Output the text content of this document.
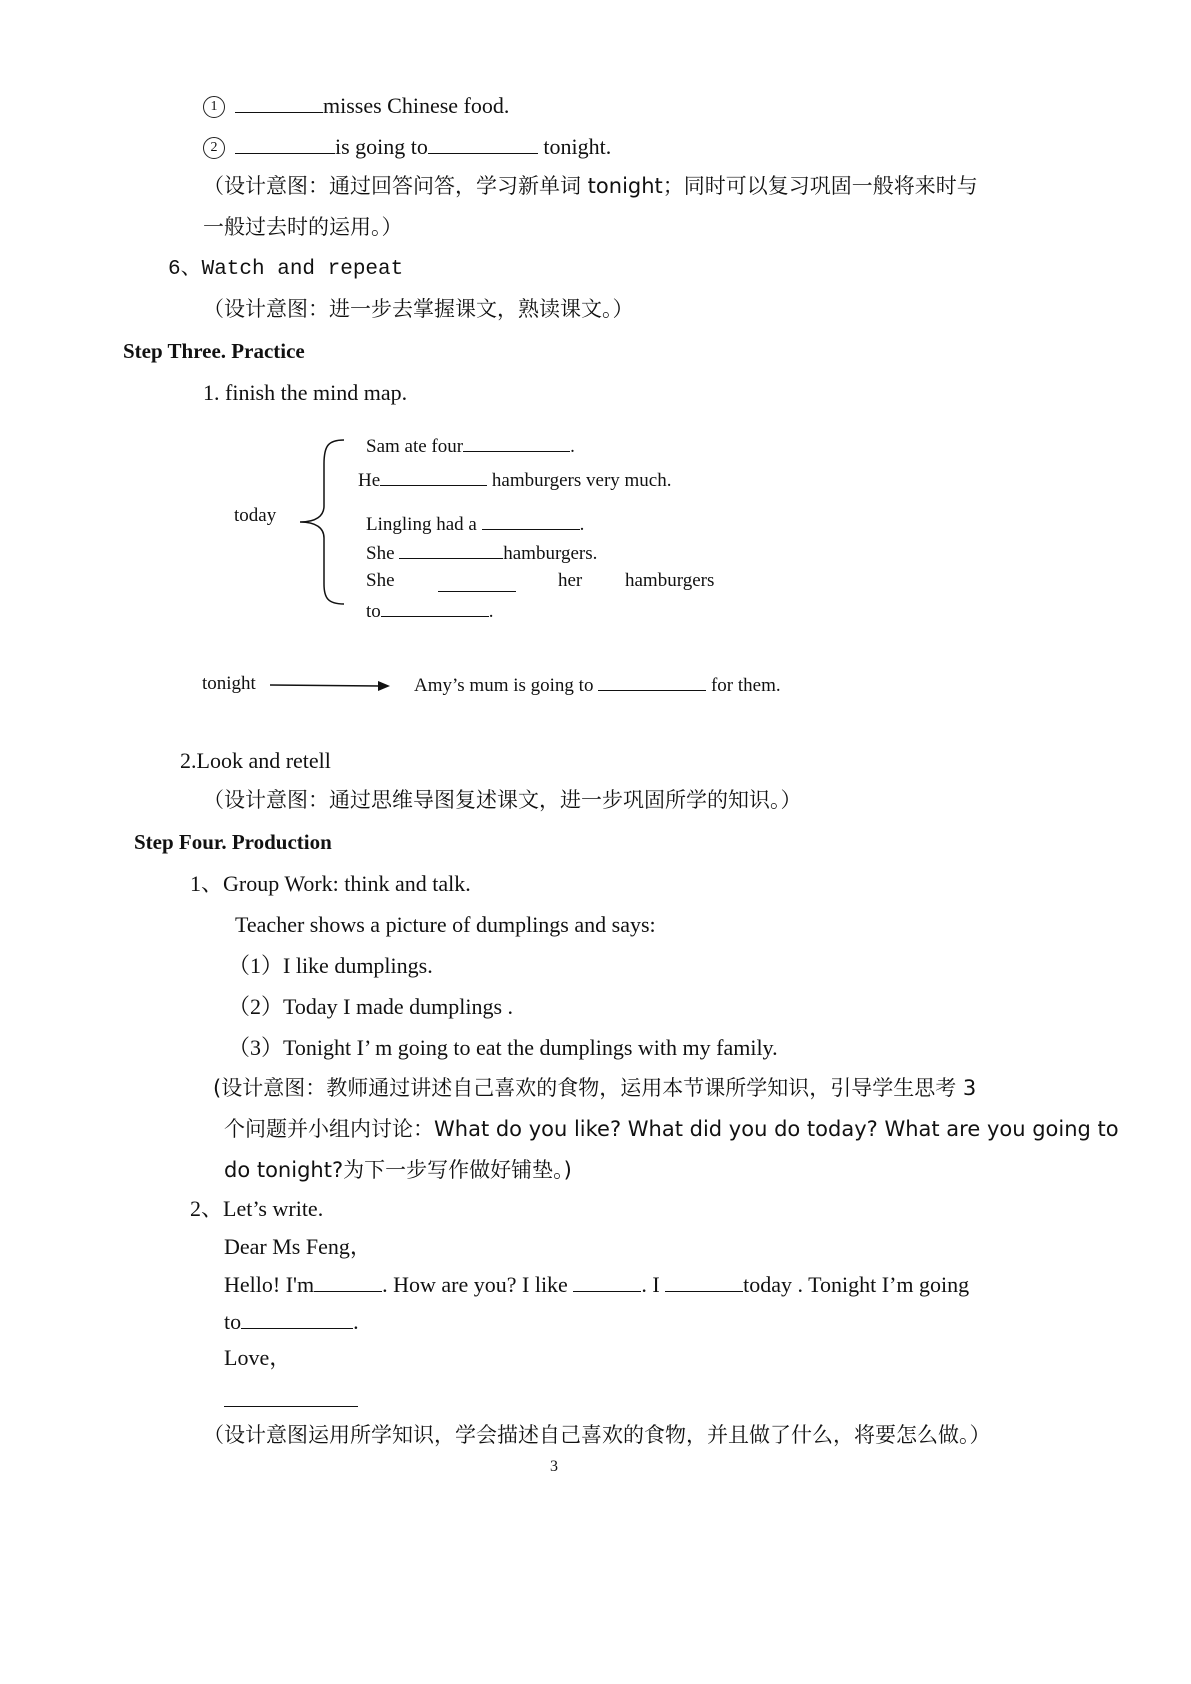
1	misses Chinese food.
2	is going to	tonight.
（设计意图：通过回答问答，学习新单词 tonight；同时可以复习巩固一般将来时与
一般过去时的运用。）
6、Watch and repeat
（设计意图：进一步去掌握课文，熟读课文。）
Step Three. Practice
1. finish the mind map.
today
Sam ate four	.
He	hamburgers very much.
Lingling had a	.
She	hamburgers.
She	her hamburgers
to	.
tonight	Amy’s mum is going to	for them.
2.Look and retell
（设计意图：通过思维导图复述课文，进一步巩固所学的知识。）
Step Four. Production
1、Group Work: think and talk.
Teacher shows a picture of dumplings and says:
（1）I like dumplings.
（2）Today I made dumplings .
（3）Tonight I’ m going to eat the dumplings with my family.
(设计意图：教师通过讲述自己喜欢的食物，运用本节课所学知识，引导学生思考 3
个问题并小组内讨论：What do you like? What did you do today? What are you going to
do tonight?为下一步写作做好铺垫。)
2、Let’s write.
Dear Ms Feng，
Hello! I'm	. How are you? I like	. I	today . Tonight I’m going
to	.
Love，
（设计意图运用所学知识，学会描述自己喜欢的食物，并且做了什么，将要怎么做。）
3
